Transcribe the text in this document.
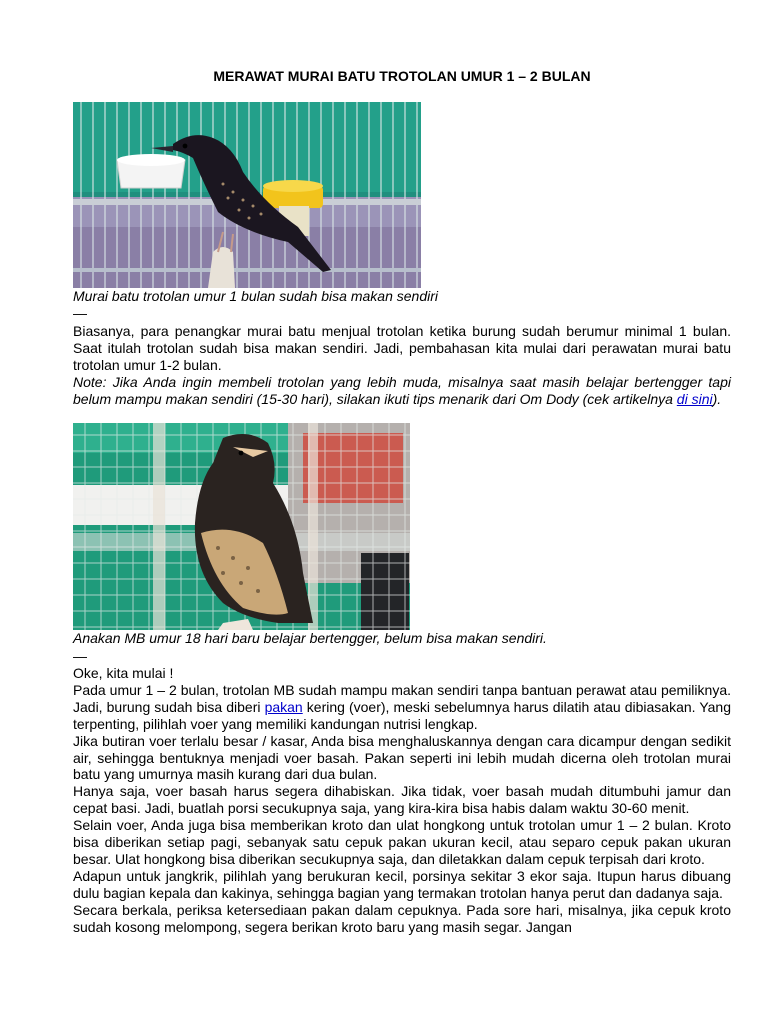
MERAWAT MURAI BATU TROTOLAN UMUR 1 – 2 BULAN
Murai batu trotolan umur 1 bulan sudah bisa makan sendiri
—

Biasanya, para penangkar murai batu menjual trotolan ketika burung sudah berumur minimal 1 bulan. Saat itulah trotolan sudah bisa makan sendiri. Jadi, pembahasan kita mulai dari perawatan murai batu trotolan umur 1-2 bulan.

Note: Jika Anda ingin membeli trotolan yang lebih muda, misalnya saat masih belajar bertengger tapi belum mampu makan sendiri (15-30 hari), silakan ikuti tips menarik dari Om Dody (cek artikelnya di sini).

Anakan MB umur 18 hari baru belajar bertengger, belum bisa makan sendiri.
—

Oke, kita mulai !

Pada umur 1 – 2 bulan, trotolan MB sudah mampu makan sendiri tanpa bantuan perawat atau pemiliknya. Jadi, burung sudah bisa diberi pakan kering (voer), meski sebelumnya harus dilatih atau dibiasakan. Yang terpenting, pilihlah voer yang memiliki kandungan nutrisi lengkap.

Jika butiran voer terlalu besar / kasar, Anda bisa menghaluskannya dengan cara dicampur dengan sedikit air, sehingga bentuknya menjadi voer basah. Pakan seperti ini lebih mudah dicerna oleh trotolan murai batu yang umurnya masih kurang dari dua bulan.

Hanya saja, voer basah harus segera dihabiskan. Jika tidak, voer basah mudah ditumbuhi jamur dan cepat basi. Jadi, buatlah porsi secukupnya saja, yang kira-kira bisa habis dalam waktu 30-60 menit.

Selain voer, Anda juga bisa memberikan kroto dan ulat hongkong untuk trotolan umur 1 – 2 bulan. Kroto bisa diberikan setiap pagi, sebanyak satu cepuk pakan ukuran kecil, atau separo cepuk pakan ukuran besar. Ulat hongkong bisa diberikan secukupnya saja, dan diletakkan dalam cepuk terpisah dari kroto.

Adapun untuk jangkrik, pilihlah yang berukuran kecil, porsinya sekitar 3 ekor saja. Itupun harus dibuang dulu bagian kepala dan kakinya, sehingga bagian yang termakan trotolan hanya perut dan dadanya saja.

Secara berkala, periksa ketersediaan pakan dalam cepuknya. Pada sore hari, misalnya, jika cepuk kroto sudah kosong melompong, segera berikan kroto baru yang masih segar. Jangan
